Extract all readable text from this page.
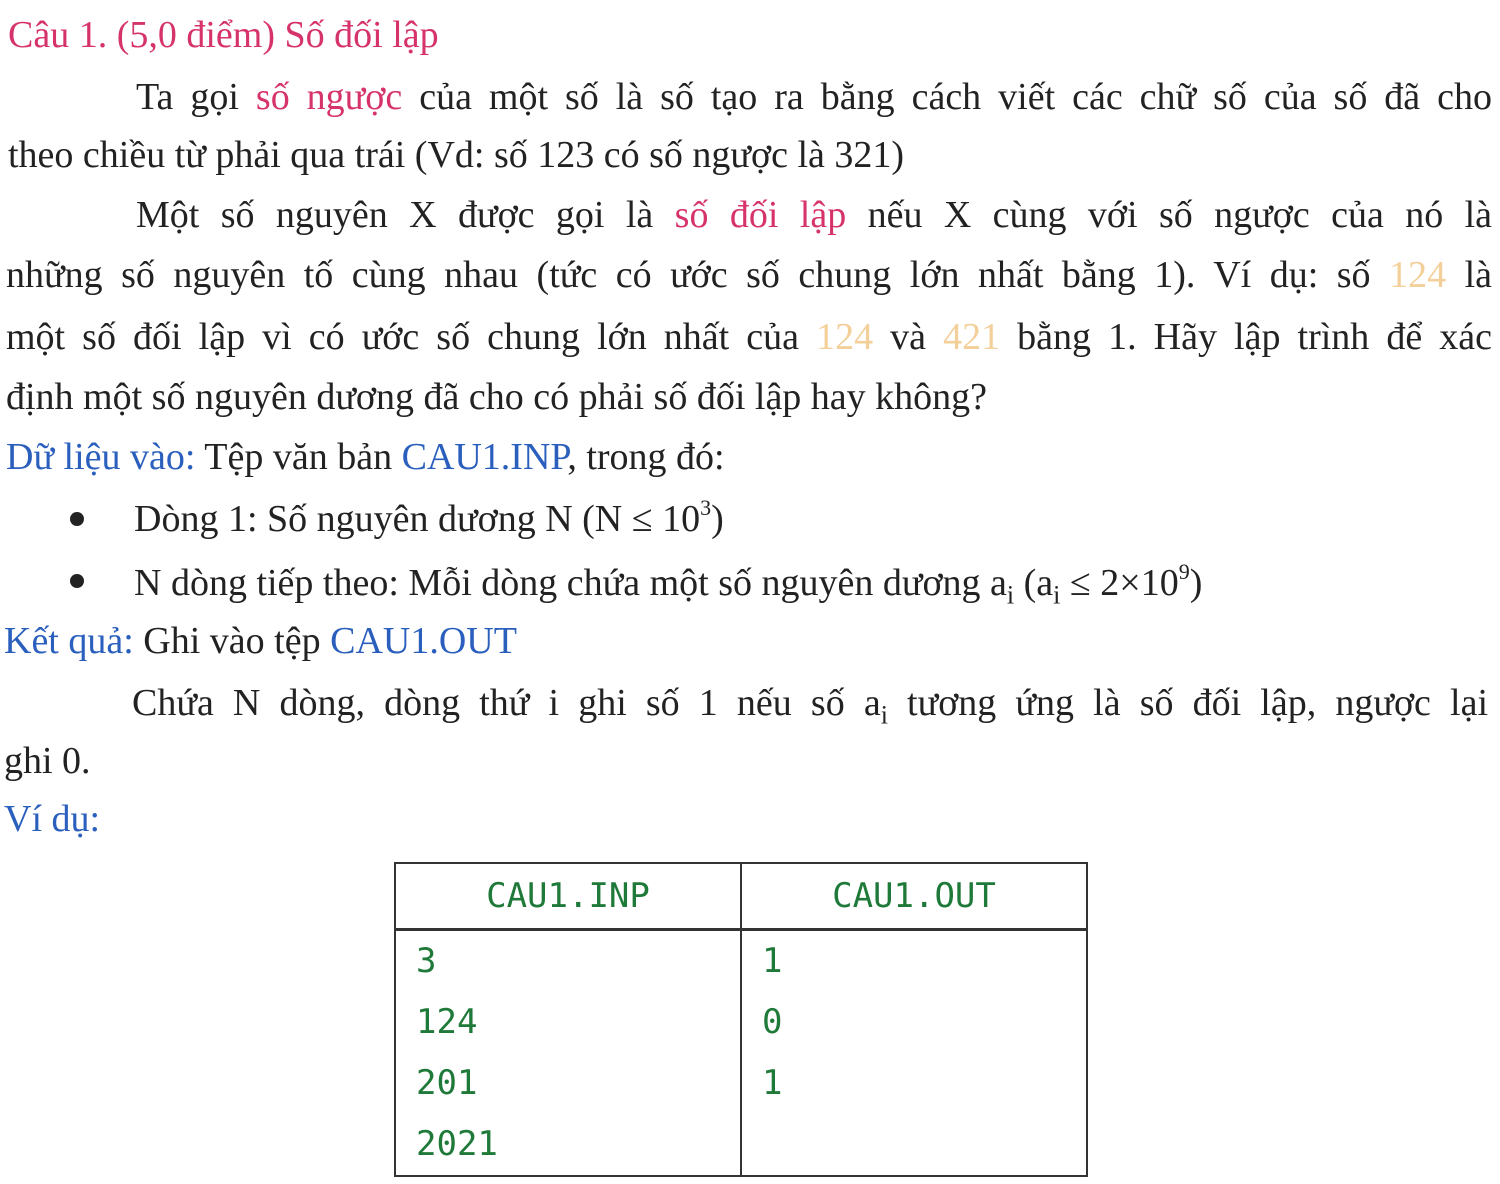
Câu 1. (5,0 điểm) Số đối lập
Ta gọi số ngược của một số là số tạo ra bằng cách viết các chữ số của số đã cho
theo chiều từ phải qua trái (Vd: số 123 có số ngược là 321)
Một số nguyên X được gọi là số đối lập nếu X cùng với số ngược của nó là
những số nguyên tố cùng nhau (tức có ước số chung lớn nhất bằng 1). Ví dụ: số 124 là
một số đối lập vì có ước số chung lớn nhất của 124 và 421 bằng 1. Hãy lập trình để xác
định một số nguyên dương đã cho có phải số đối lập hay không?
Dữ liệu vào: Tệp văn bản CAU1.INP, trong đó:
Dòng 1: Số nguyên dương N $(N \le 10^3)$
N dòng tiếp theo: Mỗi dòng chứa một số nguyên dương $a_i$ $(a_i \le 2\times 10^9)$
Kết quả: Ghi vào tệp CAU1.OUT
Chứa N dòng, dòng thứ i ghi số 1 nếu số $a_i$ tương ứng là số đối lập, ngược lại
ghi 0.
Ví dụ:
CAU1.INP	CAU1.OUT
3	1
124	0
201	1
2021	
